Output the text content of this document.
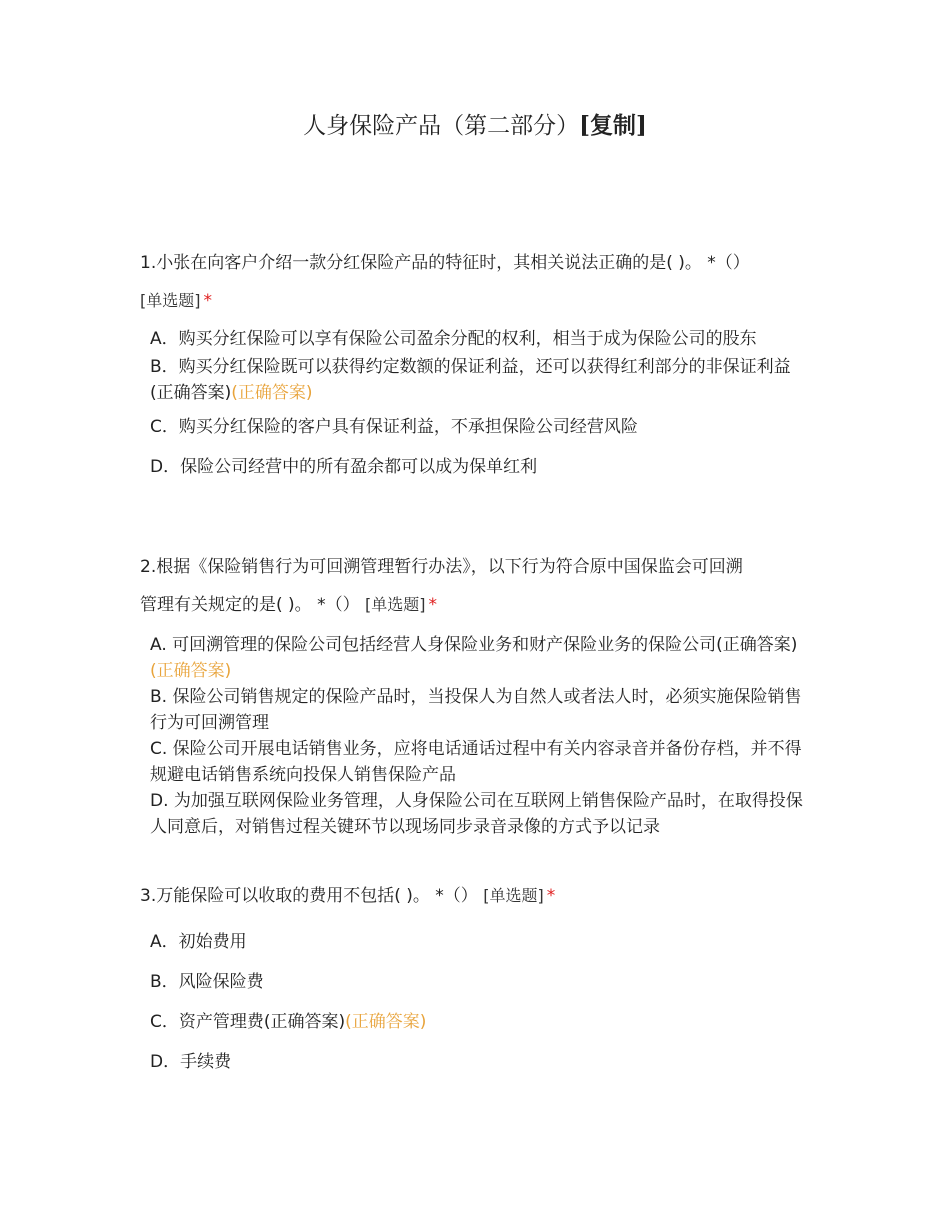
人身保险产品（第二部分）[复制]
1.小张在向客户介绍一款分红保险产品的特征时，其相关说法正确的是( )。 *（）
[单选题] *
A．购买分红保险可以享有保险公司盈余分配的权利，相当于成为保险公司的股东
B．购买分红保险既可以获得约定数额的保证利益，还可以获得红利部分的非保证利益(正确答案)(正确答案)
C．购买分红保险的客户具有保证利益，不承担保险公司经营风险
D．保险公司经营中的所有盈余都可以成为保单红利
2.根据《保险销售行为可回溯管理暂行办法》，以下行为符合原中国保监会可回溯
管理有关规定的是( )。 *（） [单选题] *
A. 可回溯管理的保险公司包括经营人身保险业务和财产保险业务的保险公司(正确答案)(正确答案)
B. 保险公司销售规定的保险产品时，当投保人为自然人或者法人时，必须实施保险销售行为可回溯管理
C. 保险公司开展电话销售业务，应将电话通话过程中有关内容录音并备份存档，并不得规避电话销售系统向投保人销售保险产品
D. 为加强互联网保险业务管理，人身保险公司在互联网上销售保险产品时，在取得投保人同意后，对销售过程关键环节以现场同步录音录像的方式予以记录
3.万能保险可以收取的费用不包括( )。 *（） [单选题] *
A．初始费用
B．风险保险费
C．资产管理费(正确答案)(正确答案)
D．手续费
